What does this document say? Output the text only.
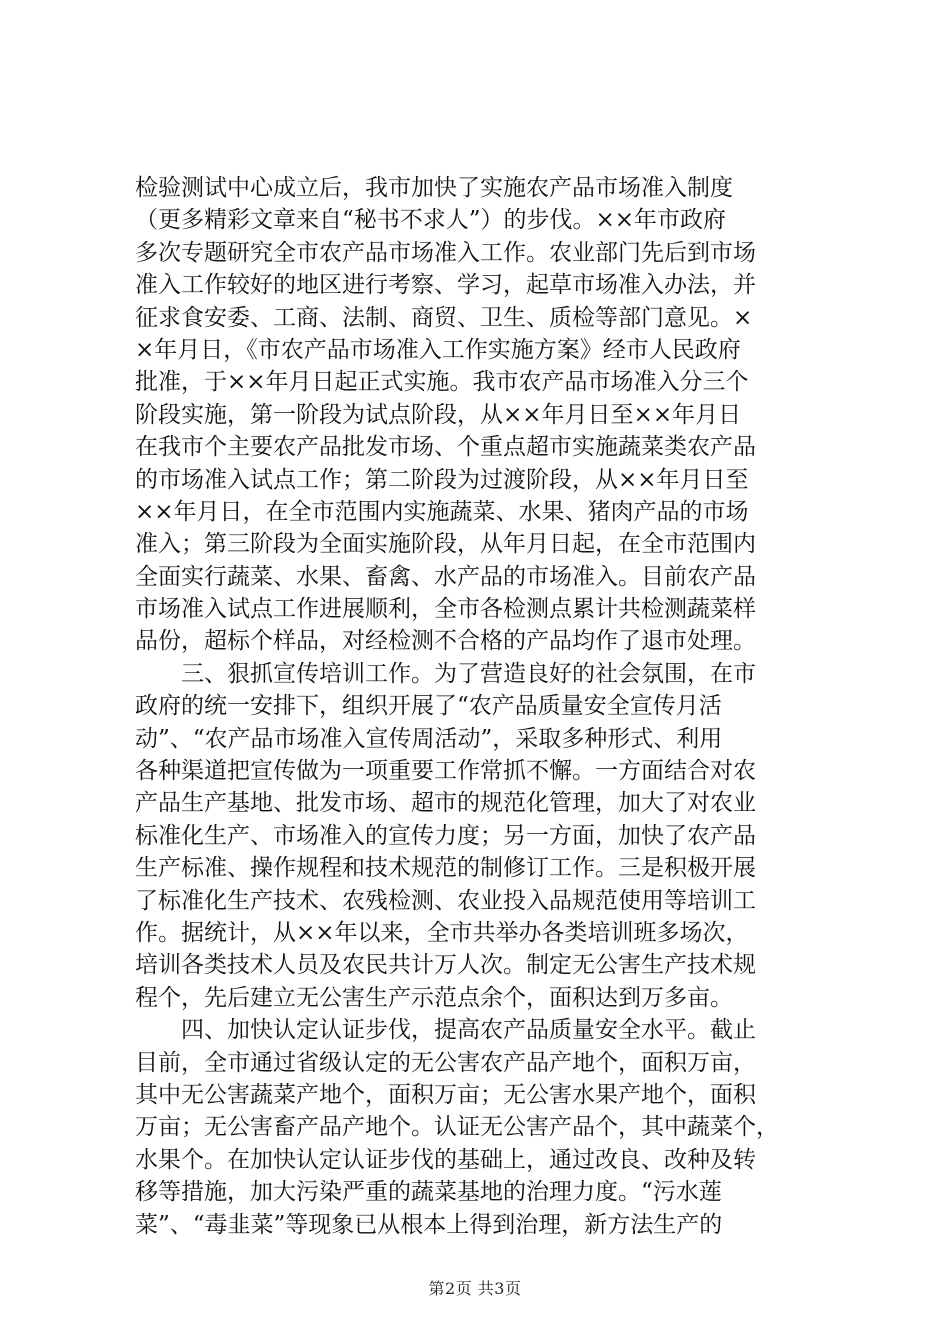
检验测试中心成立后，我市加快了实施农产品市场准入制度
（更多精彩文章来自“秘书不求人”）的步伐。××年市政府
多次专题研究全市农产品市场准入工作。农业部门先后到市场
准入工作较好的地区进行考察、学习，起草市场准入办法，并
征求食安委、工商、法制、商贸、卫生、质检等部门意见。×
×年月日，《市农产品市场准入工作实施方案》经市人民政府
批准，于××年月日起正式实施。我市农产品市场准入分三个
阶段实施，第一阶段为试点阶段，从××年月日至××年月日
在我市个主要农产品批发市场、个重点超市实施蔬菜类农产品
的市场准入试点工作；第二阶段为过渡阶段，从××年月日至
××年月日，在全市范围内实施蔬菜、水果、猪肉产品的市场
准入；第三阶段为全面实施阶段，从年月日起，在全市范围内
全面实行蔬菜、水果、畜禽、水产品的市场准入。目前农产品
市场准入试点工作进展顺利，全市各检测点累计共检测蔬菜样
品份，超标个样品，对经检测不合格的产品均作了退市处理。
　　三、狠抓宣传培训工作。为了营造良好的社会氛围，在市
政府的统一安排下，组织开展了“农产品质量安全宣传月活
动”、“农产品市场准入宣传周活动”，采取多种形式、利用
各种渠道把宣传做为一项重要工作常抓不懈。一方面结合对农
产品生产基地、批发市场、超市的规范化管理，加大了对农业
标准化生产、市场准入的宣传力度；另一方面，加快了农产品
生产标准、操作规程和技术规范的制修订工作。三是积极开展
了标准化生产技术、农残检测、农业投入品规范使用等培训工
作。据统计，从××年以来，全市共举办各类培训班多场次，
培训各类技术人员及农民共计万人次。制定无公害生产技术规
程个，先后建立无公害生产示范点余个，面积达到万多亩。
　　四、加快认定认证步伐，提高农产品质量安全水平。截止
目前，全市通过省级认定的无公害农产品产地个，面积万亩，
其中无公害蔬菜产地个，面积万亩；无公害水果产地个，面积
万亩；无公害畜产品产地个。认证无公害产品个，其中蔬菜个，
水果个。在加快认定认证步伐的基础上，通过改良、改种及转
移等措施，加大污染严重的蔬菜基地的治理力度。“污水莲
菜”、“毒韭菜”等现象已从根本上得到治理，新方法生产的
第2页 共3页
